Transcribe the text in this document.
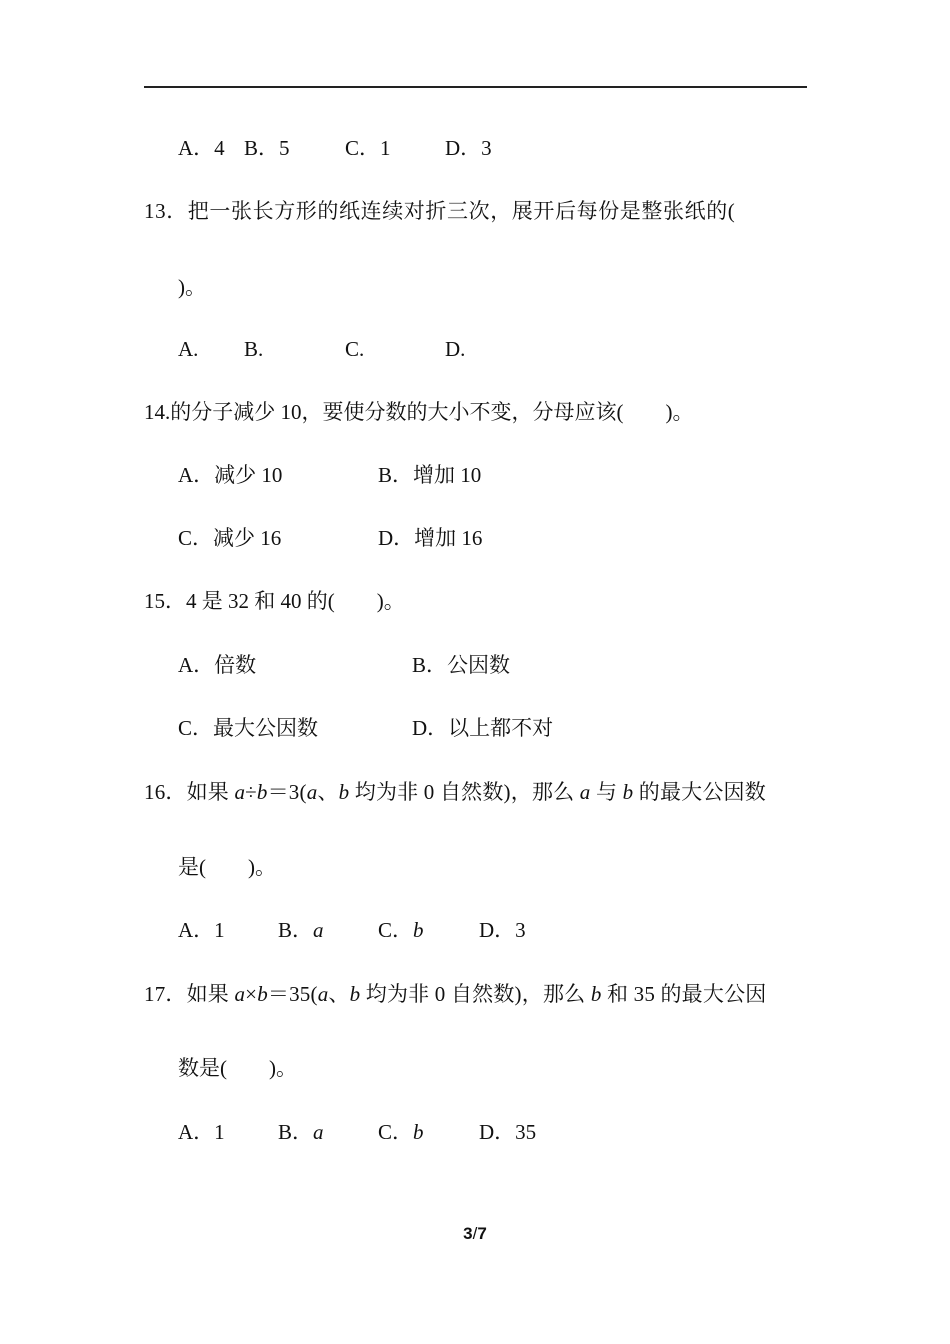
A．4 B．5	C．1	D．3
13．把一张长方形的纸连续对折三次，展开后每份是整张纸的(
)。
A. B.	C.	D.
14.的分子减少 10，要使分数的大小不变，分母应该(　　)。
A．减少 10	B．增加 10
C．减少 16	D．增加 16
15．4 是 32 和 40 的(　　)。
A．倍数	B．公因数
C．最大公因数	D．以上都不对
16．如果 a÷b＝3(a、b 均为非 0 自然数)，那么 a 与 b 的最大公因数
是(　　)。
A．1	B．a	C．b	D．3
17．如果 a×b＝35(a、b 均为非 0 自然数)，那么 b 和 35 的最大公因
数是(　　)。
A．1	B．a	C．b	D．35
3/7
